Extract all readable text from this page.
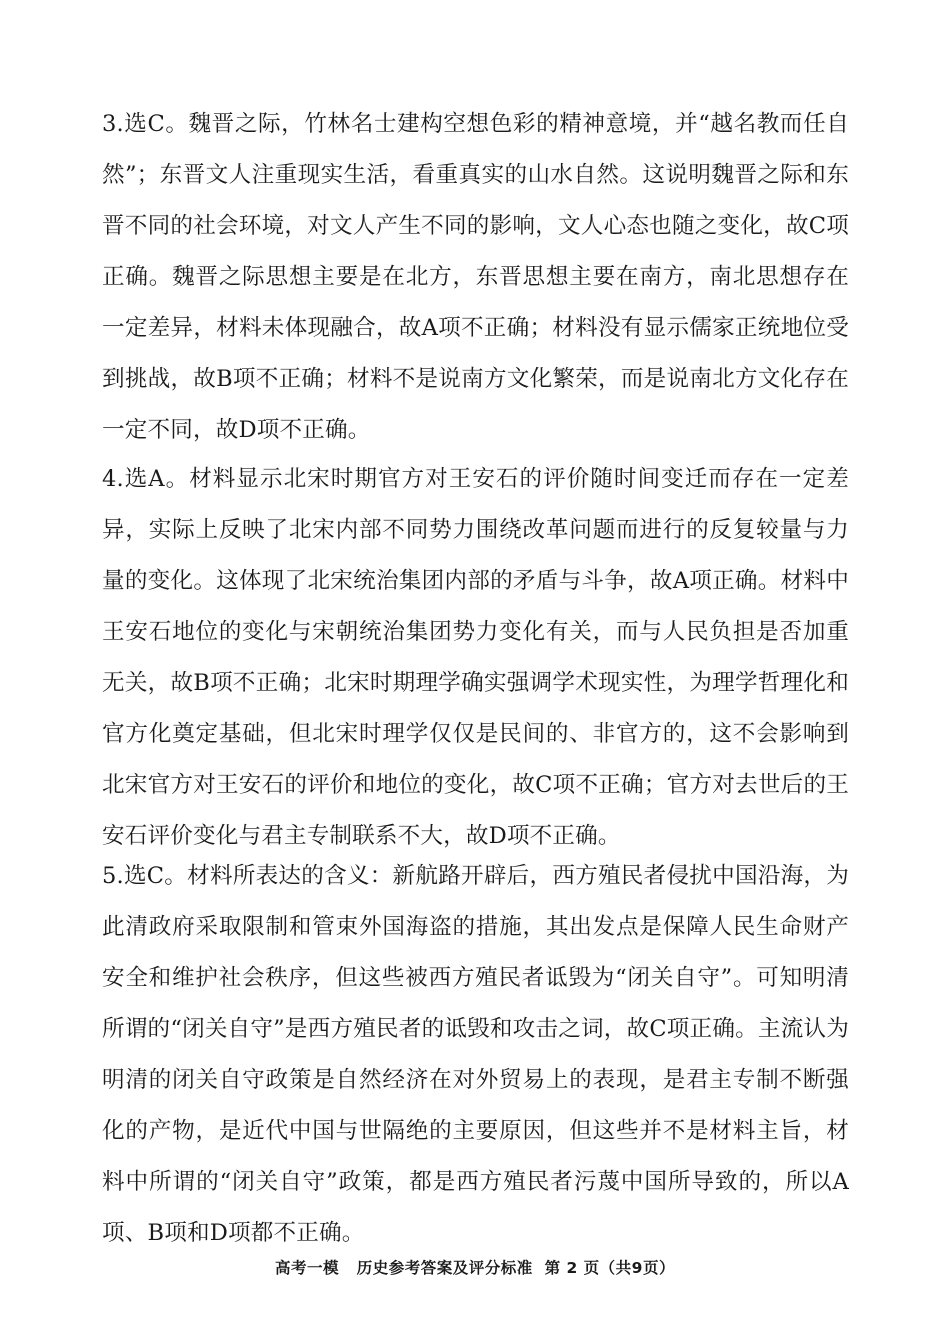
3.选C。魏晋之际，竹林名士建构空想色彩的精神意境，并“越名教而任自然”；东晋文人注重现实生活，看重真实的山水自然。这说明魏晋之际和东晋不同的社会环境，对文人产生不同的影响，文人心态也随之变化，故C项正确。魏晋之际思想主要是在北方，东晋思想主要在南方，南北思想存在一定差异，材料未体现融合，故A项不正确；材料没有显示儒家正统地位受到挑战，故B项不正确；材料不是说南方文化繁荣，而是说南北方文化存在一定不同，故D项不正确。

4.选A。材料显示北宋时期官方对王安石的评价随时间变迁而存在一定差异，实际上反映了北宋内部不同势力围绕改革问题而进行的反复较量与力量的变化。这体现了北宋统治集团内部的矛盾与斗争，故A项正确。材料中王安石地位的变化与宋朝统治集团势力变化有关，而与人民负担是否加重无关，故B项不正确；北宋时期理学确实强调学术现实性，为理学哲理化和官方化奠定基础，但北宋时理学仅仅是民间的、非官方的，这不会影响到北宋官方对王安石的评价和地位的变化，故C项不正确；官方对去世后的王安石评价变化与君主专制联系不大，故D项不正确。

5.选C。材料所表达的含义：新航路开辟后，西方殖民者侵扰中国沿海，为此清政府采取限制和管束外国海盗的措施，其出发点是保障人民生命财产安全和维护社会秩序，但这些被西方殖民者诋毁为“闭关自守”。可知明清所谓的“闭关自守”是西方殖民者的诋毁和攻击之词，故C项正确。主流认为明清的闭关自守政策是自然经济在对外贸易上的表现，是君主专制不断强化的产物，是近代中国与世隔绝的主要原因，但这些并不是材料主旨，材料中所谓的“闭关自守”政策，都是西方殖民者污蔑中国所导致的，所以A项、B项和D项都不正确。

高考一模 历史参考答案及评分标准 第 2 页（共9页）
